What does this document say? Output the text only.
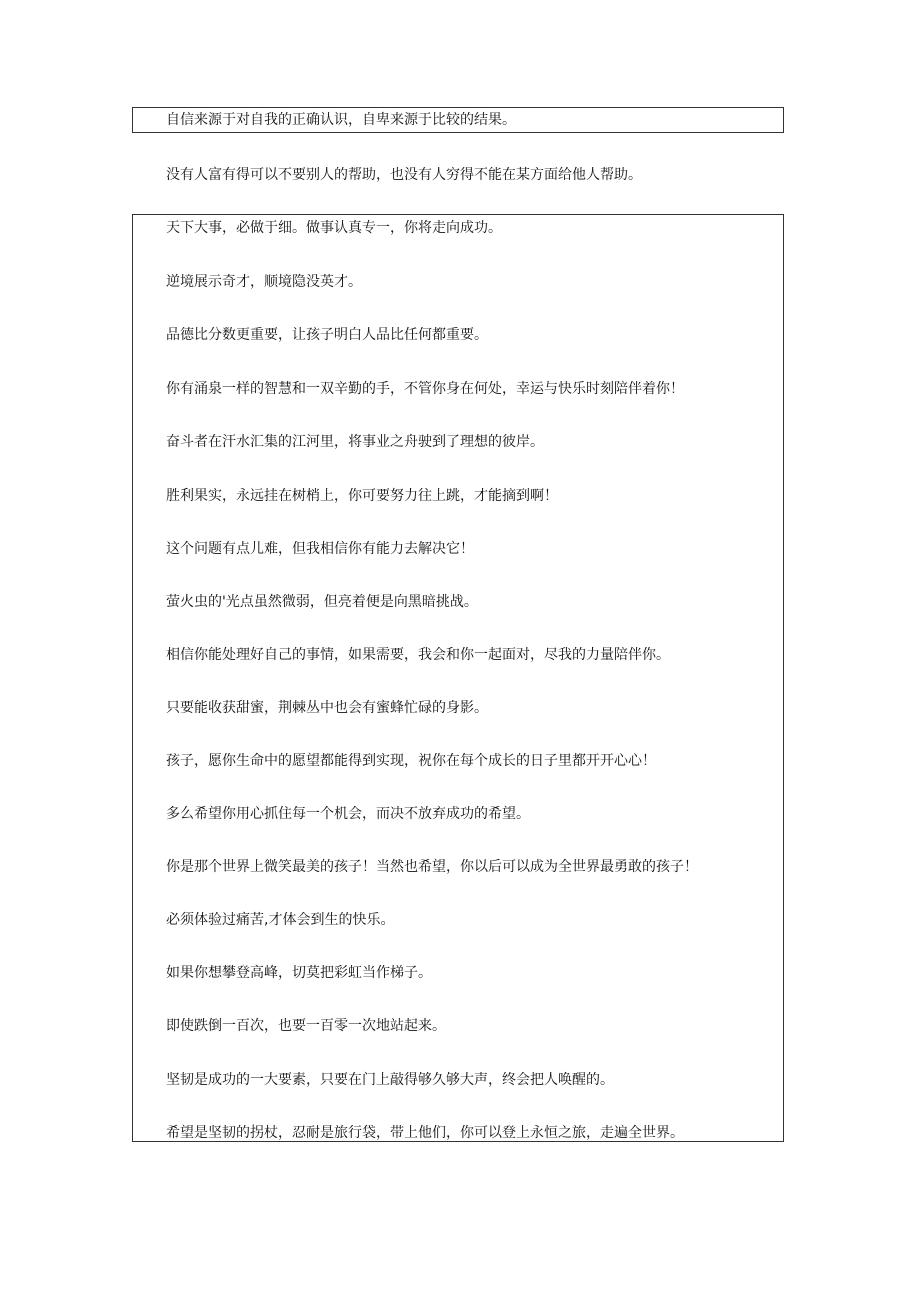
自信来源于对自我的正确认识，自卑来源于比较的结果。
没有人富有得可以不要别人的帮助，也没有人穷得不能在某方面给他人帮助。
天下大事，必做于细。做事认真专一，你将走向成功。
逆境展示奇才，顺境隐没英才。
品德比分数更重要，让孩子明白人品比任何都重要。
你有涌泉一样的智慧和一双辛勤的手，不管你身在何处，幸运与快乐时刻陪伴着你！
奋斗者在汗水汇集的江河里，将事业之舟驶到了理想的彼岸。
胜利果实，永远挂在树梢上，你可要努力往上跳，才能摘到啊！
这个问题有点儿难，但我相信你有能力去解决它！
萤火虫的'光点虽然微弱，但亮着便是向黑暗挑战。
相信你能处理好自己的事情，如果需要，我会和你一起面对，尽我的力量陪伴你。
只要能收获甜蜜，荆棘丛中也会有蜜蜂忙碌的身影。
孩子，愿你生命中的愿望都能得到实现，祝你在每个成长的日子里都开开心心！
多么希望你用心抓住每一个机会，而决不放弃成功的希望。
你是那个世界上微笑最美的孩子！当然也希望，你以后可以成为全世界最勇敢的孩子！
必须体验过痛苦,才体会到生的快乐。
如果你想攀登高峰，切莫把彩虹当作梯子。
即使跌倒一百次，也要一百零一次地站起来。
坚韧是成功的一大要素，只要在门上敲得够久够大声，终会把人唤醒的。
希望是坚韧的拐杖，忍耐是旅行袋，带上他们，你可以登上永恒之旅，走遍全世界。
